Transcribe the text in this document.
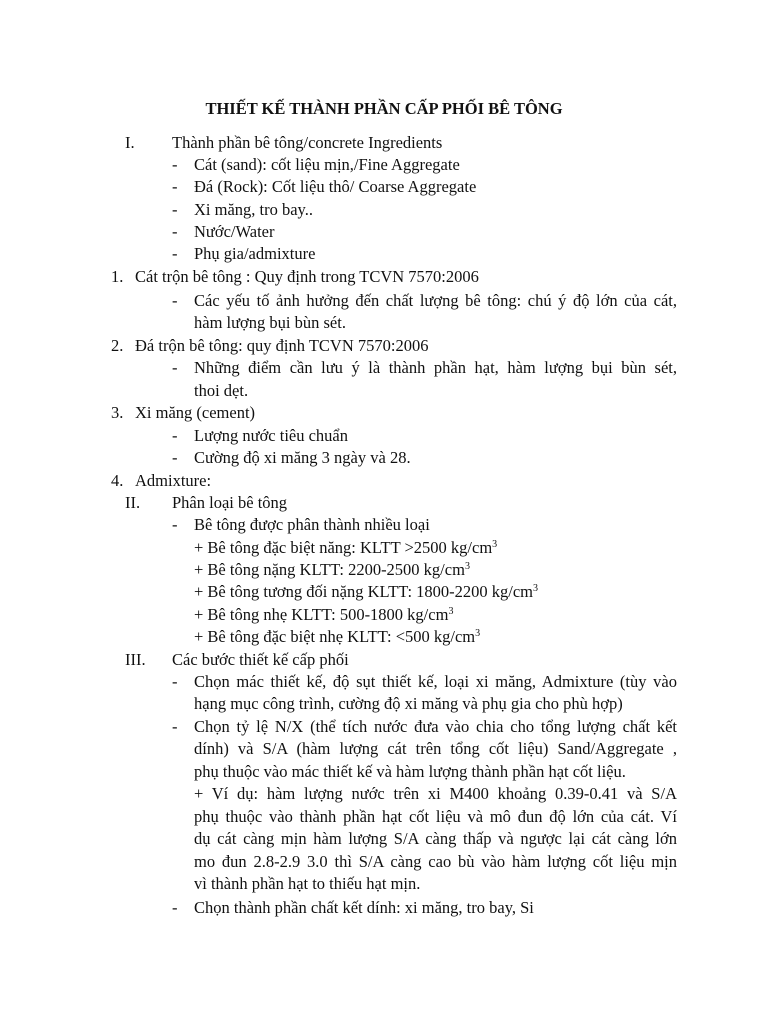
THIẾT KẾ THÀNH PHẦN CẤP PHỐI BÊ TÔNG
I. Thành phần bê tông/concrete Ingredients
- Cát (sand): cốt liệu mịn,/Fine Aggregate
- Đá (Rock): Cốt liệu thô/ Coarse Aggregate
- Xi măng, tro bay..
- Nước/Water
- Phụ gia/admixture
1. Cát trộn bê tông : Quy định trong TCVN 7570:2006
- Các yếu tố ảnh hưởng đến chất lượng bê tông: chú ý độ lớn của cát,
hàm lượng bụi bùn sét.
2. Đá trộn bê tông: quy định TCVN 7570:2006
- Những điểm cần lưu ý là thành phần hạt, hàm lượng bụi bùn sét,
thoi dẹt.
3. Xi măng (cement)
- Lượng nước tiêu chuẩn
- Cường độ xi măng 3 ngày và 28.
4. Admixture:
II. Phân loại bê tông
- Bê tông được phân thành nhiều loại
+ Bê tông đặc biệt năng: KLTT >2500 $kg/cm^3$
+ Bê tông nặng KLTT: 2200-2500 $kg/cm^3$
+ Bê tông tương đối nặng KLTT: 1800-2200 $kg/cm^3$
+ Bê tông nhẹ KLTT: 500-1800 $kg/cm^3$
+ Bê tông đặc biệt nhẹ KLTT: <500 $kg/cm^3$
III. Các bước thiết kế cấp phối
- Chọn mác thiết kế, độ sụt thiết kế, loại xi măng, Admixture (tùy vào
hạng mục công trình, cường độ xi măng và phụ gia cho phù hợp)
- Chọn tỷ lệ N/X (thể tích nước đưa vào chia cho tổng lượng chất kết
dính) và S/A (hàm lượng cát trên tổng cốt liệu) Sand/Aggregate ,
phụ thuộc vào mác thiết kế và hàm lượng thành phần hạt cốt liệu.
+ Ví dụ: hàm lượng nước trên xi M400 khoảng 0.39-0.41 và S/A
phụ thuộc vào thành phần hạt cốt liệu và mô đun độ lớn của cát. Ví
dụ cát càng mịn hàm lượng S/A càng thấp và ngược lại cát càng lớn
mo đun 2.8-2.9 3.0 thì S/A càng cao bù vào hàm lượng cốt liệu mịn
vì thành phần hạt to thiếu hạt mịn.
- Chọn thành phần chất kết dính: xi măng, tro bay, Si
